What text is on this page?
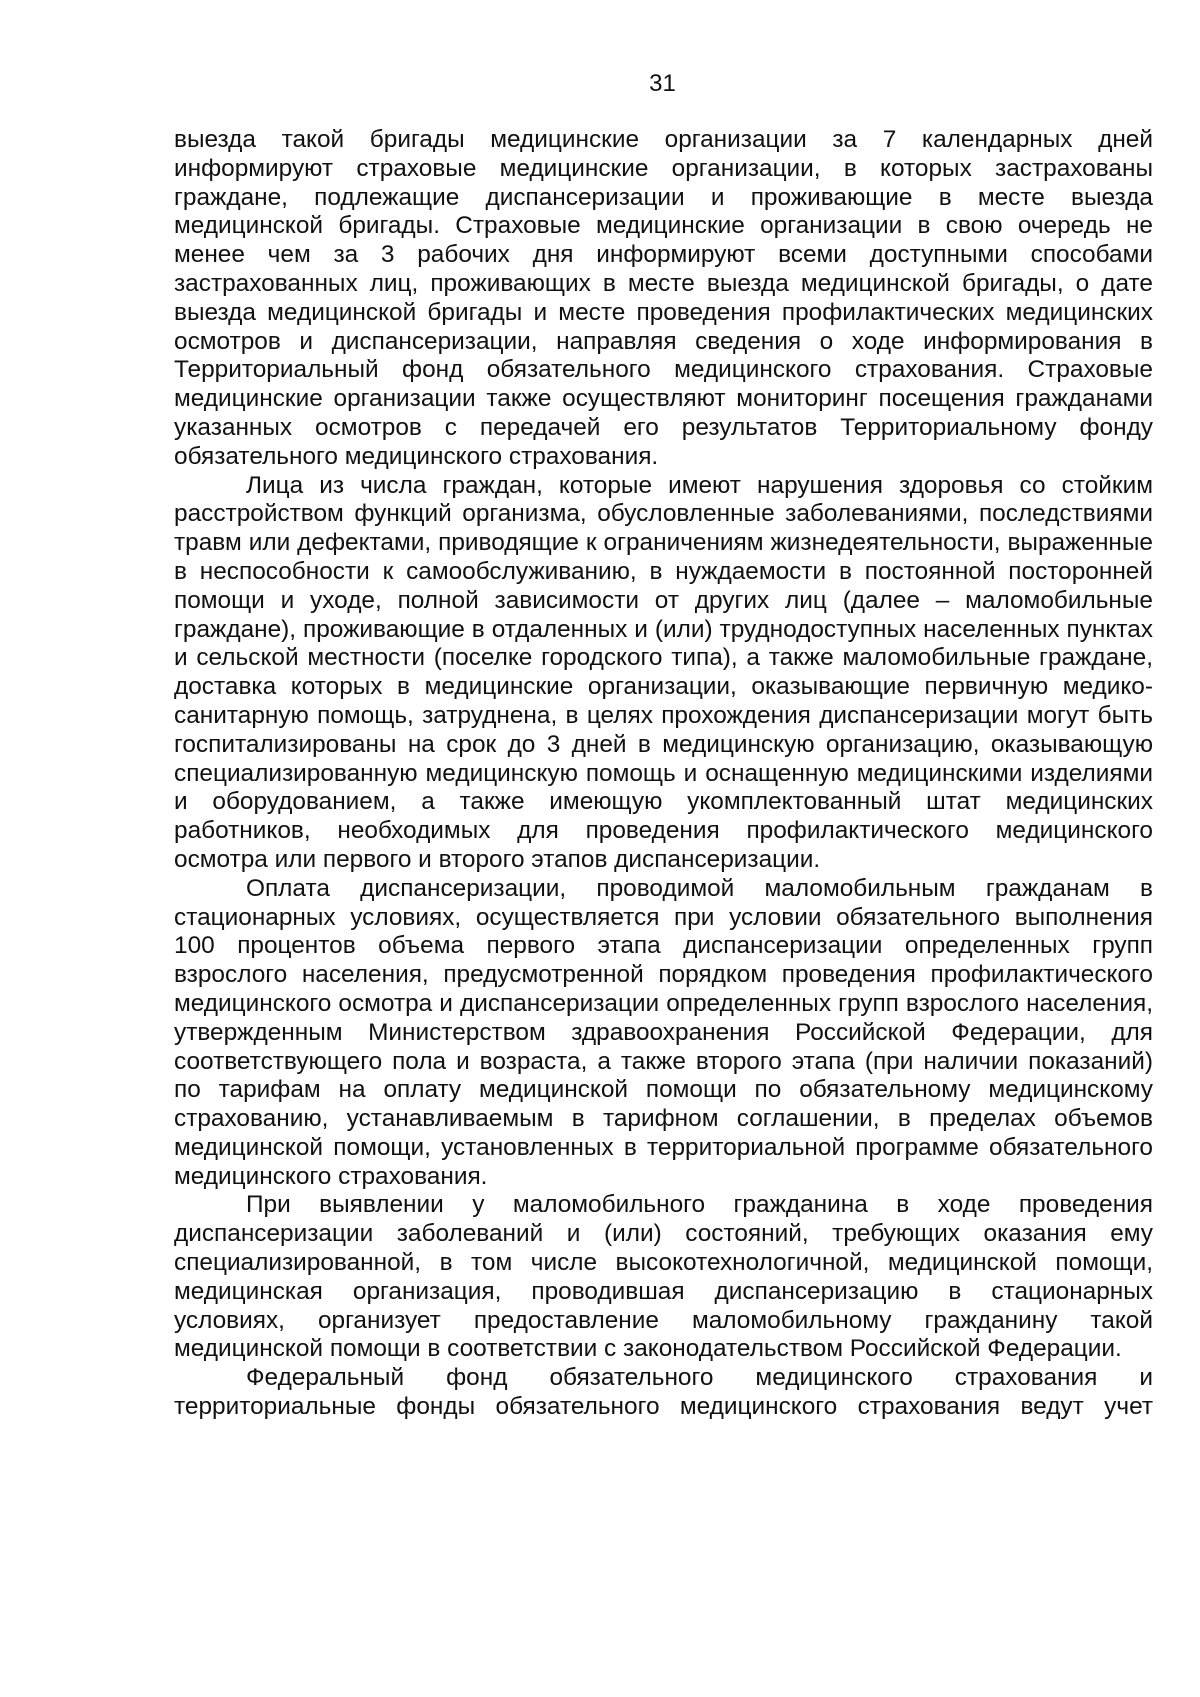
31

выезда такой бригады медицинские организации за 7 календарных дней информируют страховые медицинские организации, в которых застрахованы граждане, подлежащие диспансеризации и проживающие в месте выезда медицинской бригады. Страховые медицинские организации в свою очередь не менее чем за 3 рабочих дня информируют всеми доступными способами застрахованных лиц, проживающих в месте выезда медицинской бригады, о дате выезда медицинской бригады и месте проведения профилактических медицинских осмотров и диспансеризации, направляя сведения о ходе информирования в Территориальный фонд обязательного медицинского страхования. Страховые медицинские организации также осуществляют мониторинг посещения гражданами указанных осмотров с передачей его результатов Территориальному фонду обязательного медицинского страхования.

Лица из числа граждан, которые имеют нарушения здоровья со стойким расстройством функций организма, обусловленные заболеваниями, последствиями травм или дефектами, приводящие к ограничениям жизнедеятельности, выраженные в неспособности к самообслуживанию, в нуждаемости в постоянной посторонней помощи и уходе, полной зависимости от других лиц (далее – маломобильные граждане), проживающие в отдаленных и (или) труднодоступных населенных пунктах и сельской местности (поселке городского типа), а также маломобильные граждане, доставка которых в медицинские организации, оказывающие первичную медико-санитарную помощь, затруднена, в целях прохождения диспансеризации могут быть госпитализированы на срок до 3 дней в медицинскую организацию, оказывающую специализированную медицинскую помощь и оснащенную медицинскими изделиями и оборудованием, а также имеющую укомплектованный штат медицинских работников, необходимых для проведения профилактического медицинского осмотра или первого и второго этапов диспансеризации.

Оплата диспансеризации, проводимой маломобильным гражданам в стационарных условиях, осуществляется при условии обязательного выполнения 100 процентов объема первого этапа диспансеризации определенных групп взрослого населения, предусмотренной порядком проведения профилактического медицинского осмотра и диспансеризации определенных групп взрослого населения, утвержденным Министерством здравоохранения Российской Федерации, для соответствующего пола и возраста, а также второго этапа (при наличии показаний) по тарифам на оплату медицинской помощи по обязательному медицинскому страхованию, устанавливаемым в тарифном соглашении, в пределах объемов медицинской помощи, установленных в территориальной программе обязательного медицинского страхования.

При выявлении у маломобильного гражданина в ходе проведения диспансеризации заболеваний и (или) состояний, требующих оказания ему специализированной, в том числе высокотехнологичной, медицинской помощи, медицинская организация, проводившая диспансеризацию в стационарных условиях, организует предоставление маломобильному гражданину такой медицинской помощи в соответствии с законодательством Российской Федерации.

Федеральный фонд обязательного медицинского страхования и территориальные фонды обязательного медицинского страхования ведут учет
